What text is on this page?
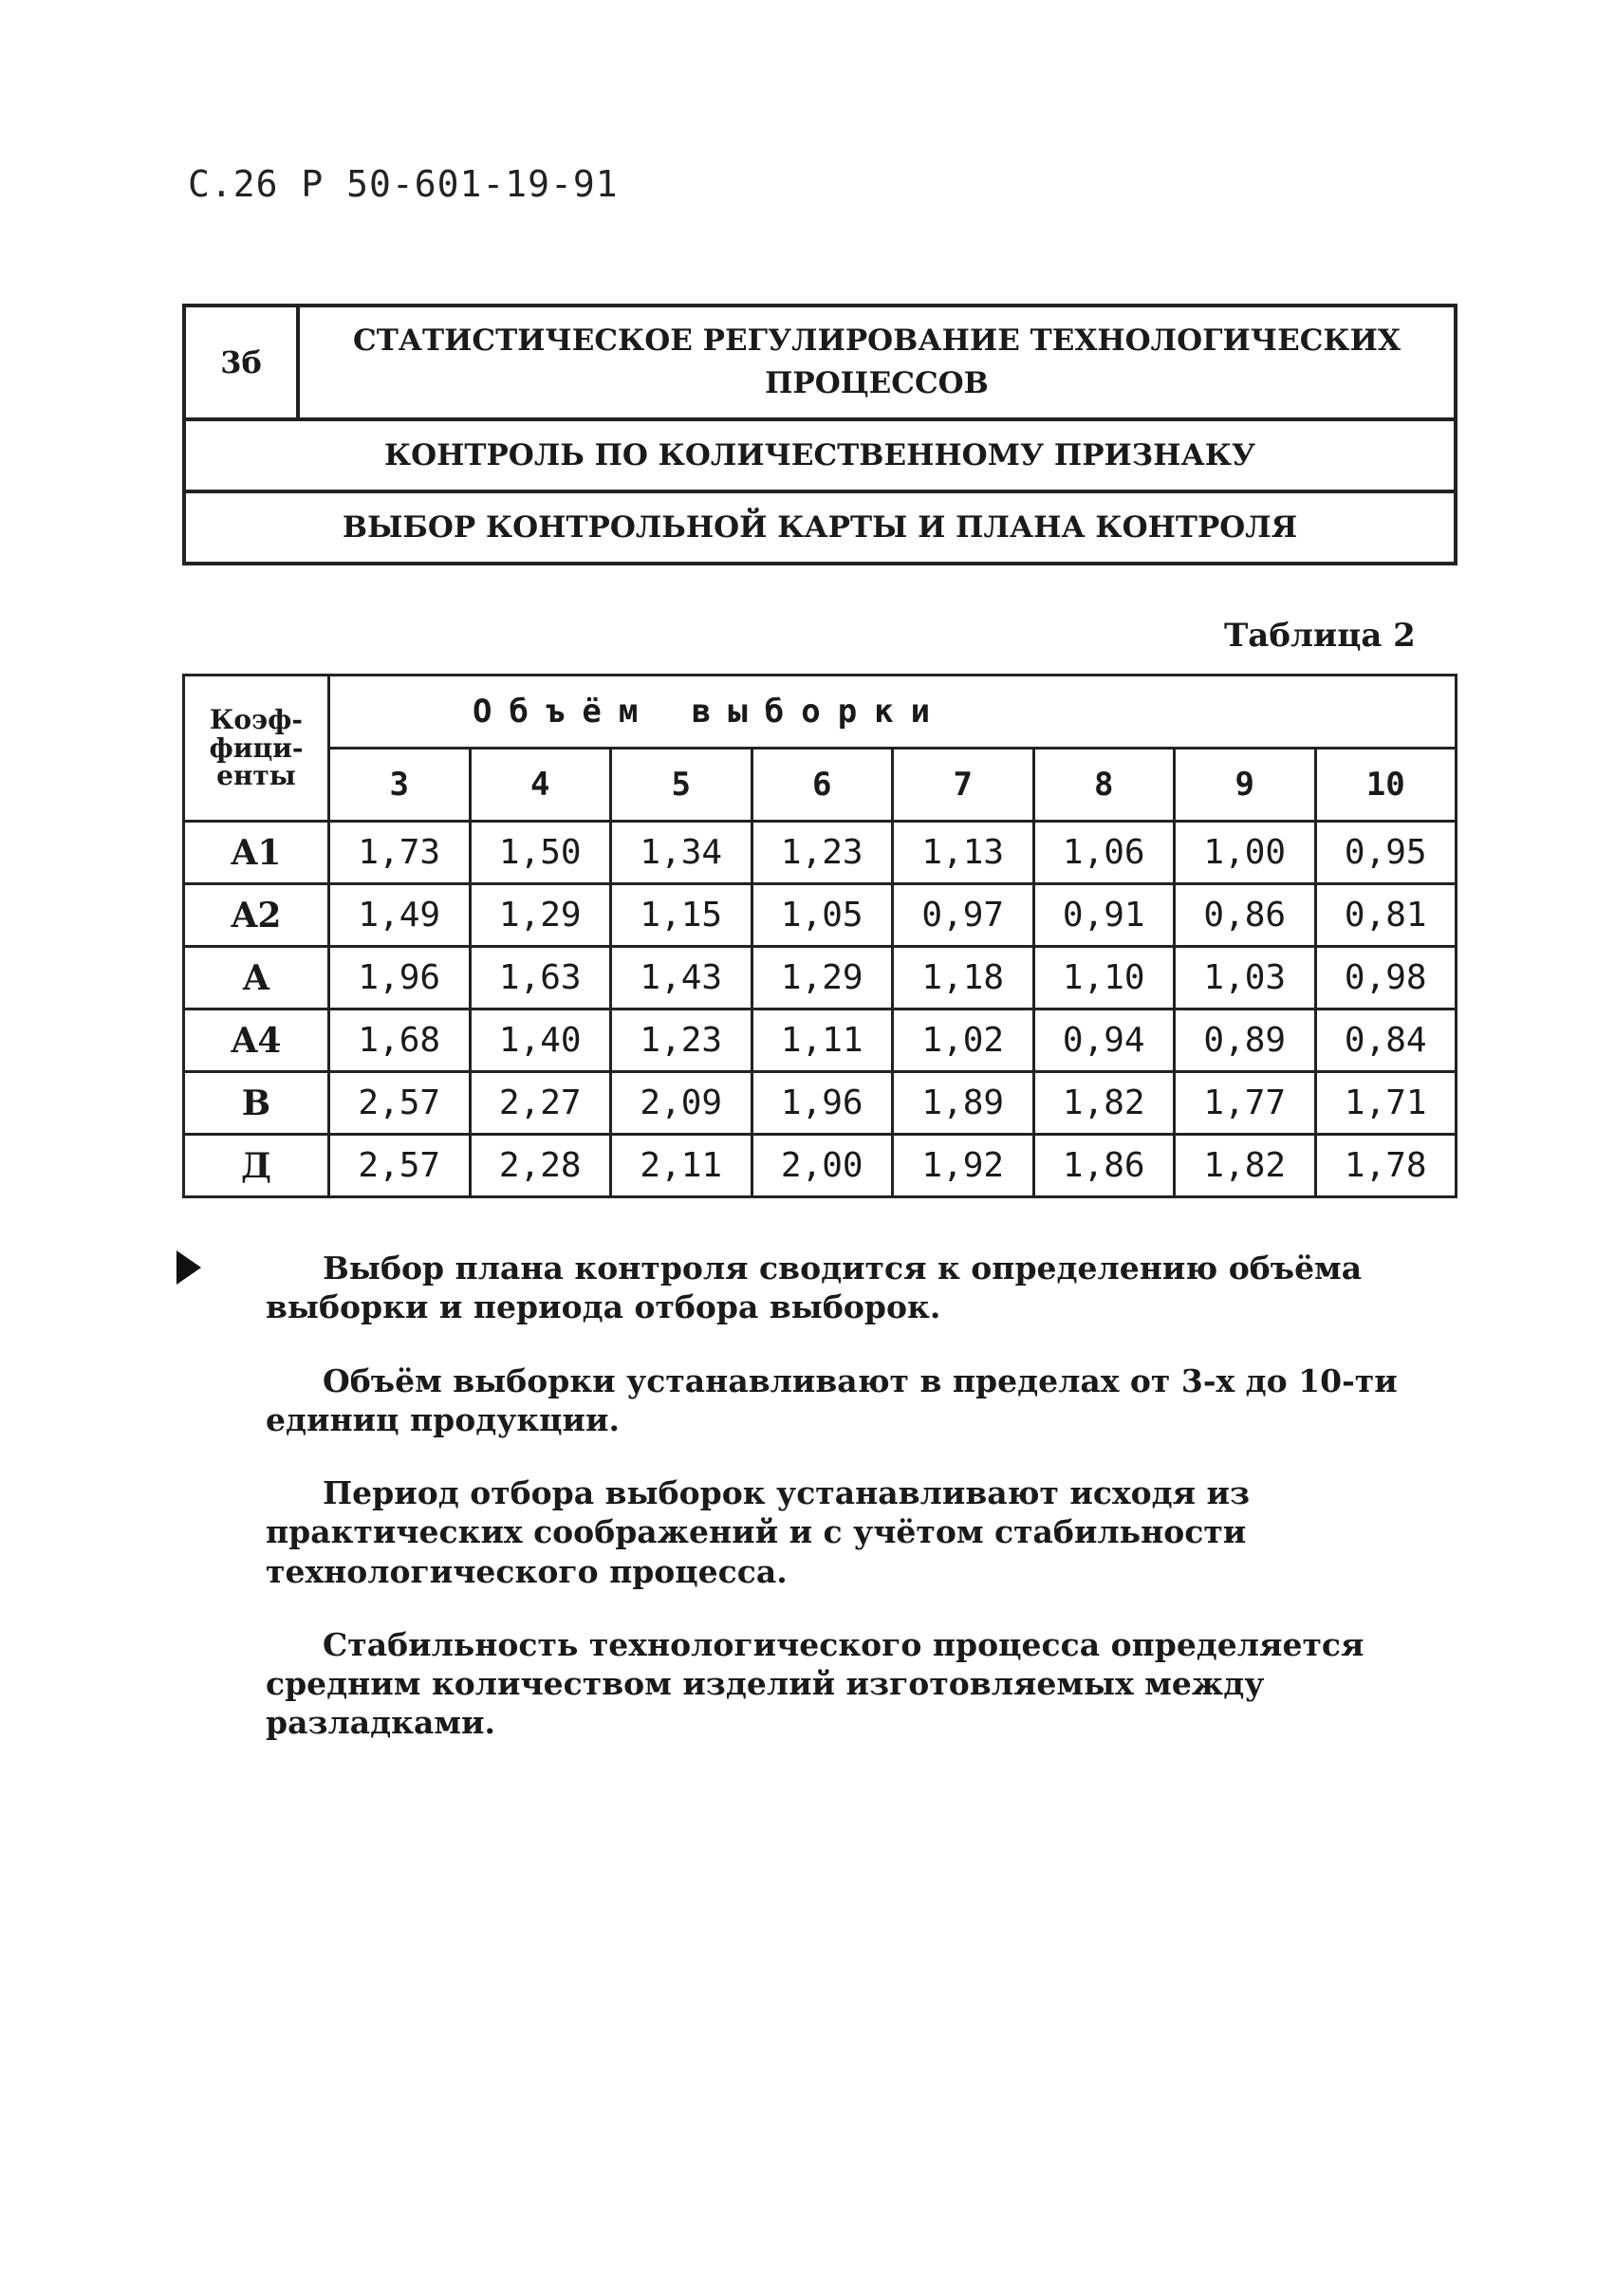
С.26 Р 50-601-19-91
3б
СТАТИСТИЧЕСКОЕ РЕГУЛИРОВАНИЕ ТЕХНОЛОГИЧЕСКИХ ПРОЦЕССОВ
КОНТРОЛЬ ПО КОЛИЧЕСТВЕННОМУ ПРИЗНАКУ
ВЫБОР КОНТРОЛЬНОЙ КАРТЫ И ПЛАНА КОНТРОЛЯ
Таблица 2
Коэф-фици-енты	Объём выборки							
	3	4	5	6	7	8	9	10
A1	1,73	1,50	1,34	1,23	1,13	1,06	1,00	0,95
A2	1,49	1,29	1,15	1,05	0,97	0,91	0,86	0,81
A	1,96	1,63	1,43	1,29	1,18	1,10	1,03	0,98
A4	1,68	1,40	1,23	1,11	1,02	0,94	0,89	0,84
B	2,57	2,27	2,09	1,96	1,89	1,82	1,77	1,71
Д	2,57	2,28	2,11	2,00	1,92	1,86	1,82	1,78

Выбор плана контроля сводится к определению объёма выборки и периода отбора выборок.

Объём выборки устанавливают в пределах от 3-х до 10-ти единиц продукции.

Период отбора выборок устанавливают исходя из практических соображений и с учётом стабильности технологического процесса.

Стабильность технологического процесса определяется средним количеством изделий изготовляемых между разладками.
